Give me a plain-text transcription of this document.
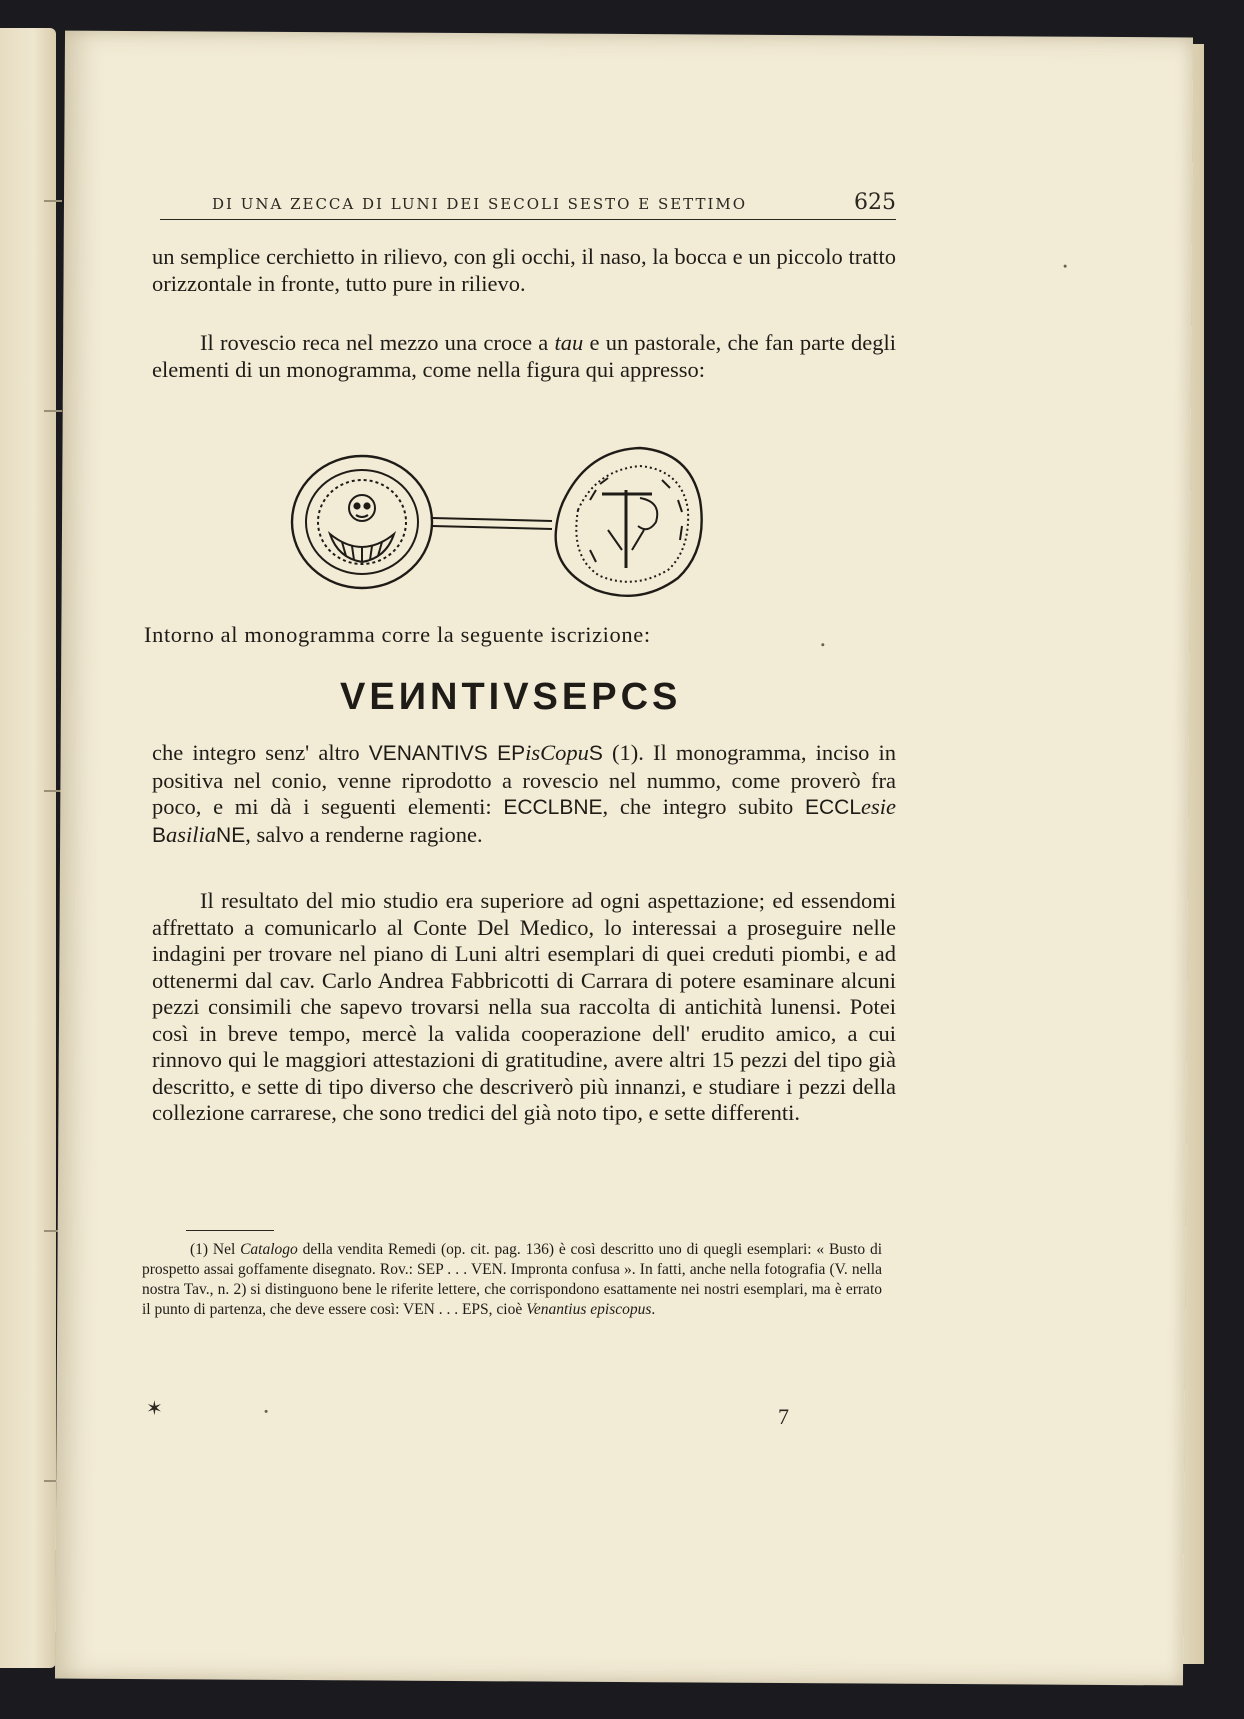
DI UNA ZECCA DI LUNI DEI SECOLI SESTO E SETTIMO	625
un semplice cerchietto in rilievo, con gli occhi, il naso, la bocca e un piccolo tratto orizzontale in fronte, tutto pure in rilievo.
Il rovescio reca nel mezzo una croce a tau e un pastorale, che fan parte degli elementi di un monogramma, come nella figura qui appresso:
Intorno al monogramma corre la seguente iscrizione:
VEИNTIVSEPCS
che integro senz' altro VENANTIVS EPisCopuS (1). Il monogramma, inciso in positiva nel conio, venne riprodotto a rovescio nel nummo, come proverò fra poco, e mi dà i seguenti elementi: ECCLBNE, che integro subito ECCLesie BasiliaNE, salvo a renderne ragione.
Il resultato del mio studio era superiore ad ogni aspettazione; ed essendomi affrettato a comunicarlo al Conte Del Medico, lo interessai a proseguire nelle indagini per trovare nel piano di Luni altri esemplari di quei creduti piombi, e ad ottenermi dal cav. Carlo Andrea Fabbricotti di Carrara di potere esaminare alcuni pezzi consimili che sapevo trovarsi nella sua raccolta di antichità lunensi. Potei così in breve tempo, mercè la valida cooperazione dell' erudito amico, a cui rinnovo qui le maggiori attestazioni di gratitudine, avere altri 15 pezzi del tipo già descritto, e sette di tipo diverso che descriverò più innanzi, e studiare i pezzi della collezione carrarese, che sono tredici del già noto tipo, e sette differenti.
(1) Nel Catalogo della vendita Remedi (op. cit. pag. 136) è così descritto uno di quegli esemplari: « Busto di prospetto assai goffamente disegnato. Rov.: SEP . . . VEN. Impronta confusa ». In fatti, anche nella fotografia (V. nella nostra Tav., n. 2) si distinguono bene le riferite lettere, che corrispondono esattamente nei nostri esemplari, ma è errato il punto di partenza, che deve essere così: VEN . . . EPS, cioè Venantius episcopus.
✶	7
